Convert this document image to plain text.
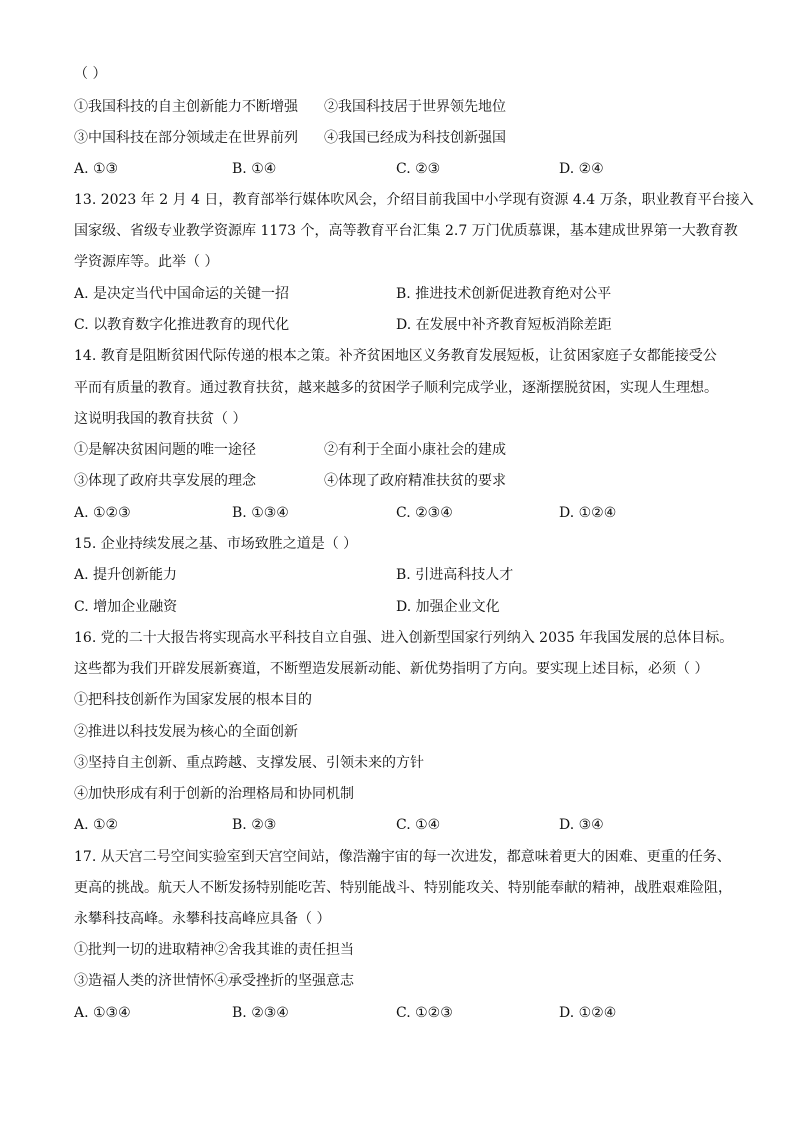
（ ）
①我国科技的自主创新能力不断增强 ②我国科技居于世界领先地位
③中国科技在部分领域走在世界前列 ④我国已经成为科技创新强国
A. ①③	B. ①④	C. ②③	D. ②④
13. 2023 年 2 月 4 日，教育部举行媒体吹风会，介绍目前我国中小学现有资源 4.4 万条，职业教育平台接入
国家级、省级专业教学资源库 1173 个，高等教育平台汇集 2.7 万门优质慕课，基本建成世界第一大教育教
学资源库等。此举（ ）
A. 是决定当代中国命运的关键一招	B. 推进技术创新促进教育绝对公平
C. 以教育数字化推进教育的现代化	D. 在发展中补齐教育短板消除差距
14. 教育是阻断贫困代际传递的根本之策。补齐贫困地区义务教育发展短板，让贫困家庭子女都能接受公
平而有质量的教育。通过教育扶贫，越来越多的贫困学子顺利完成学业，逐渐摆脱贫困，实现人生理想。
这说明我国的教育扶贫（ ）
①是解决贫困问题的唯一途径	②有利于全面小康社会的建成
③体现了政府共享发展的理念	④体现了政府精准扶贫的要求
A. ①②③	B. ①③④	C. ②③④	D. ①②④
15. 企业持续发展之基、市场致胜之道是（ ）
A. 提升创新能力	B. 引进高科技人才
C. 增加企业融资	D. 加强企业文化
16. 党的二十大报告将实现高水平科技自立自强、进入创新型国家行列纳入 2035 年我国发展的总体目标。
这些都为我们开辟发展新赛道，不断塑造发展新动能、新优势指明了方向。要实现上述目标，必须（ ）
①把科技创新作为国家发展的根本目的
②推进以科技发展为核心的全面创新
③坚持自主创新、重点跨越、支撑发展、引领未来的方针
④加快形成有利于创新的治理格局和协同机制
A. ①②	B. ②③	C. ①④	D. ③④
17. 从天宫二号空间实验室到天宫空间站，像浩瀚宇宙的每一次进发，都意味着更大的困难、更重的任务、
更高的挑战。航天人不断发扬特别能吃苦、特别能战斗、特别能攻关、特别能奉献的精神，战胜艰难险阻，
永攀科技高峰。永攀科技高峰应具备（ ）
①批判一切的进取精神②舍我其谁的责任担当
③造福人类的济世情怀④承受挫折的坚强意志
A. ①③④	B. ②③④	C. ①②③	D. ①②④
